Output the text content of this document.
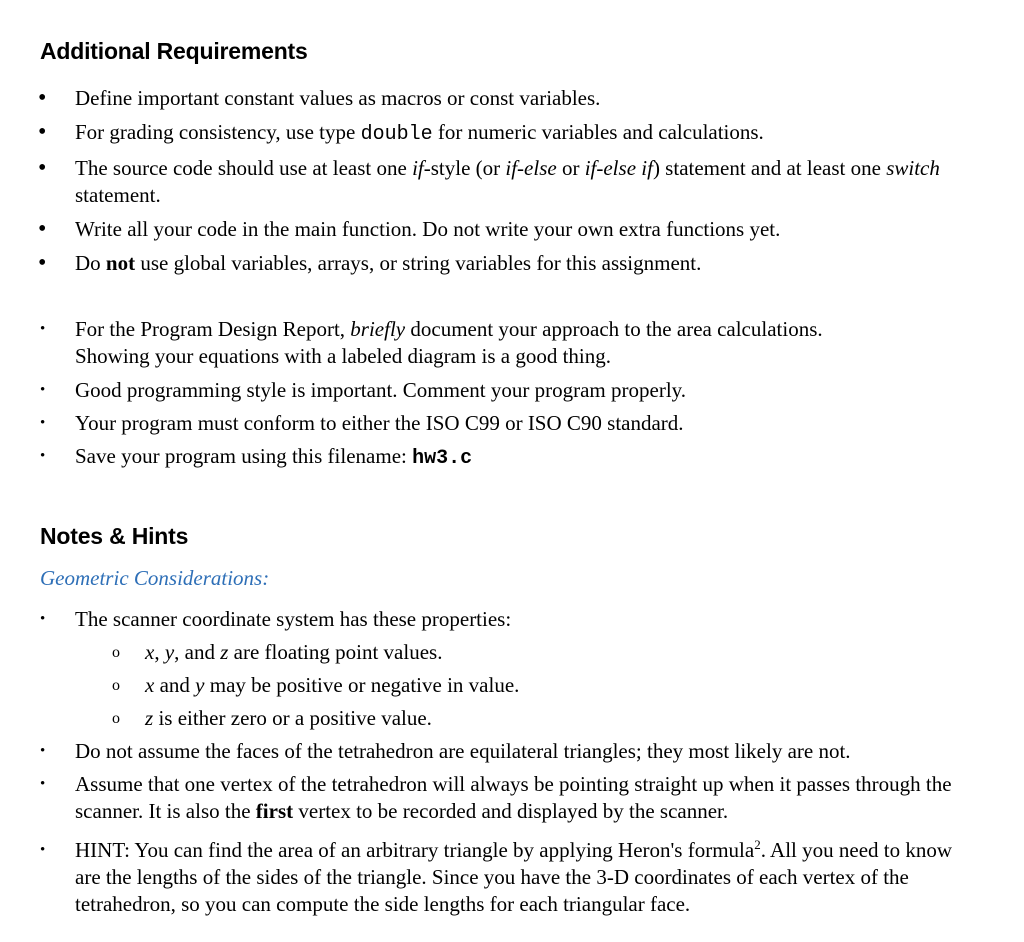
Additional Requirements
• Define important constant values as macros or const variables.
• For grading consistency, use type double for numeric variables and calculations.
• The source code should use at least one if-style (or if-else or if-else if) statement and at least one switch statement.
• Write all your code in the main function. Do not write your own extra functions yet.
• Do not use global variables, arrays, or string variables for this assignment.
• For the Program Design Report, briefly document your approach to the area calculations.
Showing your equations with a labeled diagram is a good thing.
• Good programming style is important. Comment your program properly.
• Your program must conform to either the ISO C99 or ISO C90 standard.
• Save your program using this filename: hw3.c
Notes & Hints

Geometric Considerations:

• The scanner coordinate system has these properties:
o x, y, and z are floating point values.
o x and y may be positive or negative in value.
o z is either zero or a positive value.
• Do not assume the faces of the tetrahedron are equilateral triangles; they most likely are not.
• Assume that one vertex of the tetrahedron will always be pointing straight up when it passes through the scanner. It is also the first vertex to be recorded and displayed by the scanner.
• HINT: You can find the area of an arbitrary triangle by applying Heron's formula$^2$. All you need to know are the lengths of the sides of the triangle. Since you have the 3-D coordinates of each vertex of the tetrahedron, so you can compute the side lengths for each triangular face.
